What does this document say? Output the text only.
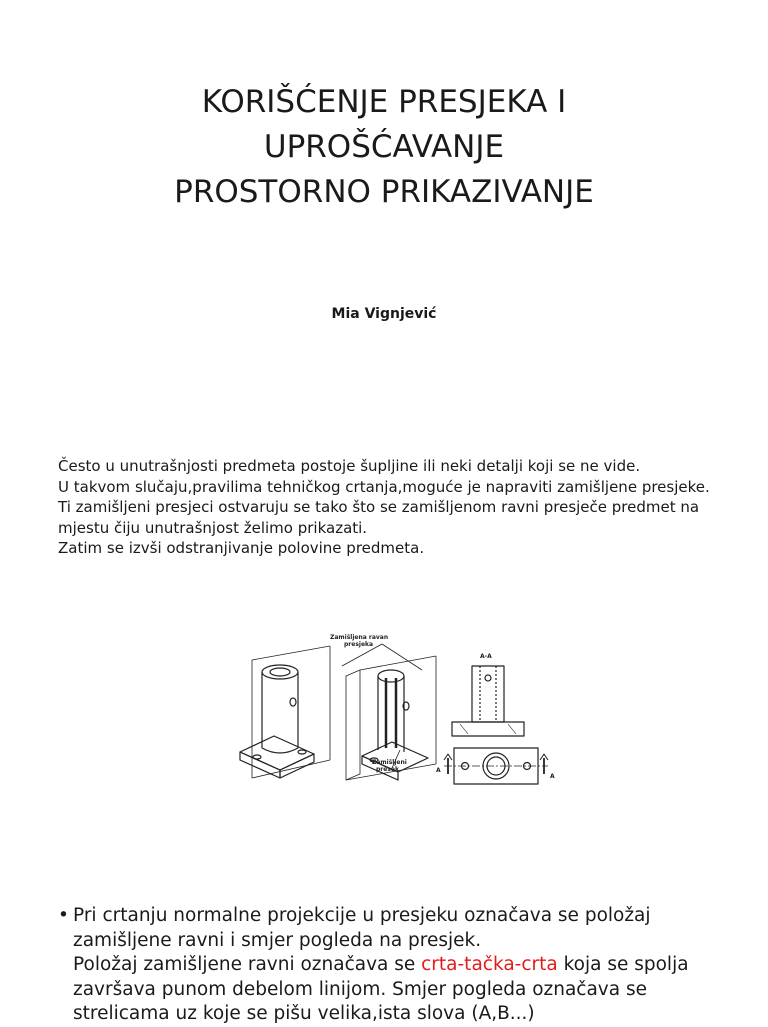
KORIŠĆENJE PRESJEKA I
UPROŠĆAVANJE
PROSTORNO PRIKAZIVANJE
Mia Vignjević

Često u unutrašnjosti predmeta postoje šupljine ili neki detalji koji se ne vide.

U takvom slučaju,pravilima tehničkog crtanja,moguće je napraviti zamišljene presjeke.

Ti zamišljeni presjeci ostvaruju se tako što se zamišljenom ravni presječe predmet na mjestu čiju unutrašnjost želimo prikazati.

Zatim se izvši odstranjivanje polovine predmeta.

Zamišljena ravan
presjeka
Zamišljeni
presek
A-A
A
A
• Pri crtanju normalne projekcije u presjeku označava se položaj zamišljene ravni i smjer pogleda na presjek.

Položaj zamišljene ravni označava se crta-tačka-crta koja se spolja završava punom debelom linijom. Smjer pogleda označava se strelicama uz koje se pišu velika,ista slova (A,B...)
